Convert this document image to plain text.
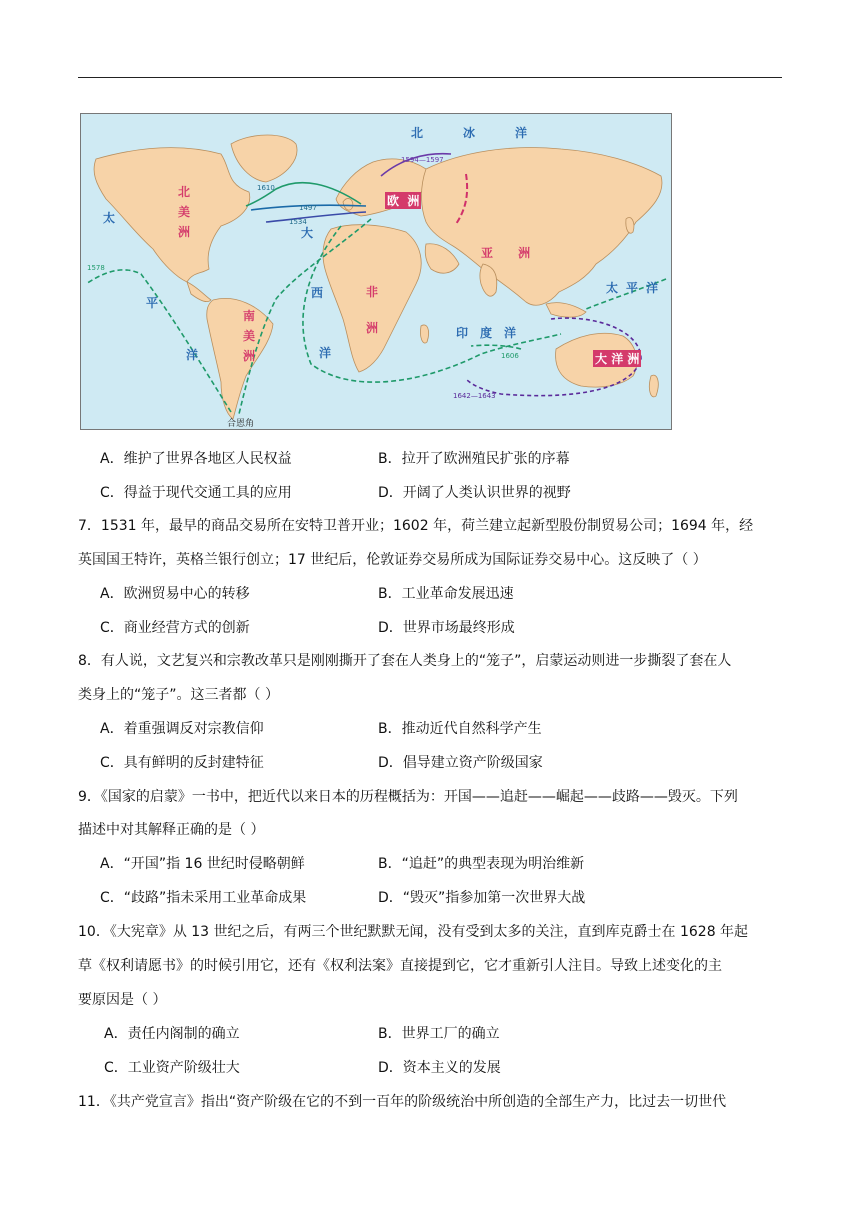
北
美
洲
南
美
洲
欧 洲
亚 洲
非
洲
大 洋 洲
北冰洋
大
西
洋
太
平
洋
太平洋
印度洋
合恩角
1497
1534
1610
1594—1597
1578
1642—1643
1606
A．维护了世界各地区人民权益	B．拉开了欧洲殖民扩张的序幕
C．得益于现代交通工具的应用	D．开阔了人类认识世界的视野
7．1531 年，最早的商品交易所在安特卫普开业；1602 年，荷兰建立起新型股份制贸易公司；1694 年，经
英国国王特许，英格兰银行创立；17 世纪后，伦敦证券交易所成为国际证券交易中心。这反映了（ ）
A．欧洲贸易中心的转移	B．工业革命发展迅速
C．商业经营方式的创新	D．世界市场最终形成
8．有人说，文艺复兴和宗教改革只是刚刚撕开了套在人类身上的“笼子”，启蒙运动则进一步撕裂了套在人
类身上的“笼子”。这三者都（ ）
A．着重强调反对宗教信仰	B．推动近代自然科学产生
C．具有鲜明的反封建特征	D．倡导建立资产阶级国家
9．《国家的启蒙》一书中，把近代以来日本的历程概括为：开国——追赶——崛起——歧路——毁灭。下列
描述中对其解释正确的是（ ）
A．“开国”指 16 世纪时侵略朝鲜	B．“追赶”的典型表现为明治维新
C．“歧路”指未采用工业革命成果	D．“毁灭”指参加第一次世界大战
10．《大宪章》从 13 世纪之后，有两三个世纪默默无闻，没有受到太多的关注，直到库克爵士在 1628 年起
草《权利请愿书》的时候引用它，还有《权利法案》直接提到它，它才重新引人注目。导致上述变化的主
要原因是（ ）
A．责任内阁制的确立	B．世界工厂的确立
C．工业资产阶级壮大	D．资本主义的发展
11．《共产党宣言》指出“资产阶级在它的不到一百年的阶级统治中所创造的全部生产力，比过去一切世代
